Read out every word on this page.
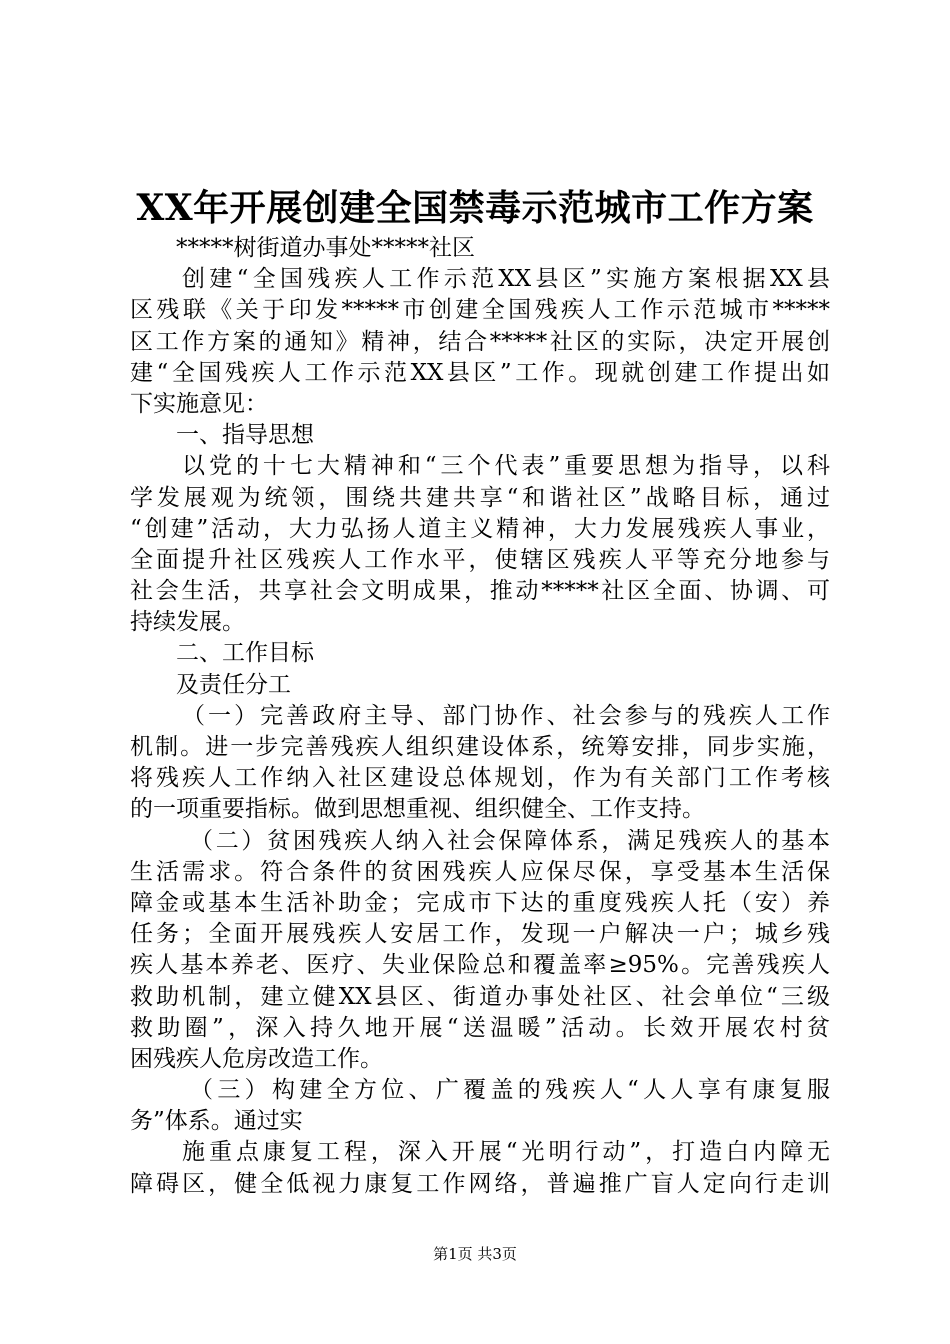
XX年开展创建全国禁毒示范城市工作方案
*****树街道办事处*****社区
创建“全国残疾人工作示范XX县区”实施方案根据XX县
区残联《关于印发*****市创建全国残疾人工作示范城市*****
区工作方案的通知》精神，结合*****社区的实际，决定开展创
建“全国残疾人工作示范XX县区”工作。现就创建工作提出如
下实施意见：
一、指导思想
以党的十七大精神和“三个代表”重要思想为指导，以科
学发展观为统领，围绕共建共享“和谐社区”战略目标，通过
“创建”活动，大力弘扬人道主义精神，大力发展残疾人事业，
全面提升社区残疾人工作水平，使辖区残疾人平等充分地参与
社会生活，共享社会文明成果，推动*****社区全面、协调、可
持续发展。
二、工作目标
及责任分工
（一）完善政府主导、部门协作、社会参与的残疾人工作
机制。进一步完善残疾人组织建设体系，统筹安排，同步实施，
将残疾人工作纳入社区建设总体规划，作为有关部门工作考核
的一项重要指标。做到思想重视、组织健全、工作支持。
（二）贫困残疾人纳入社会保障体系，满足残疾人的基本
生活需求。符合条件的贫困残疾人应保尽保，享受基本生活保
障金或基本生活补助金；完成市下达的重度残疾人托（安）养
任务；全面开展残疾人安居工作，发现一户解决一户；城乡残
疾人基本养老、医疗、失业保险总和覆盖率≥95%。完善残疾人
救助机制，建立健XX县区、街道办事处社区、社会单位“三级
救助圈”，深入持久地开展“送温暖”活动。长效开展农村贫
困残疾人危房改造工作。
（三）构建全方位、广覆盖的残疾人“人人享有康复服
务”体系。通过实
施重点康复工程，深入开展“光明行动”，打造白内障无
障碍区，健全低视力康复工作网络，普遍推广盲人定向行走训
第1页 共3页
